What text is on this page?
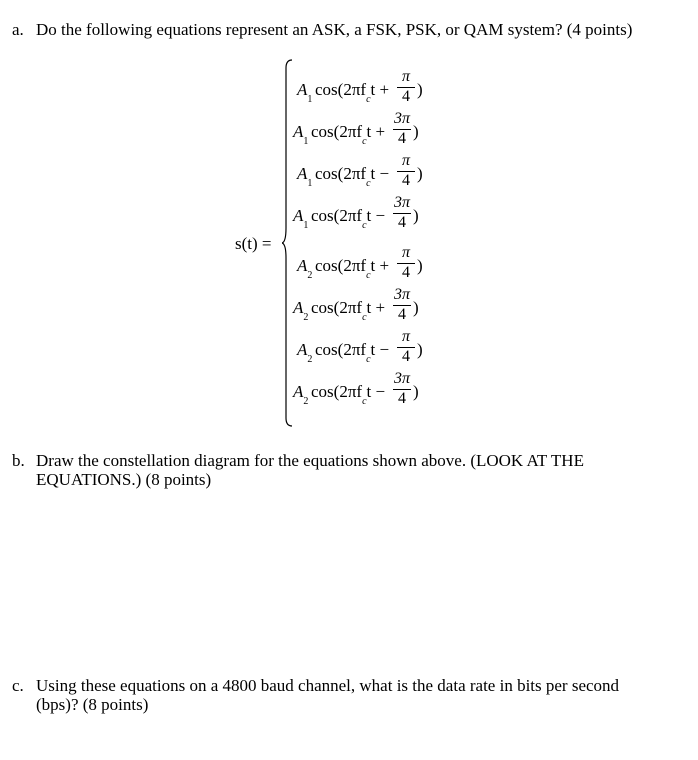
a. Do the following equations represent an ASK, a FSK, PSK, or QAM system? (4 points)
s(t) =
$A_1$
$\cos(2\pi f_ct$ +
π
4 )
$A_1$
$\cos(2\pi f_ct$ +
3π
4 )
$A_1$
$\cos(2\pi f_ct$ −
π
4 )
$A_1$
$\cos(2\pi f_ct$ −
3π
4 )
$A_2$
$\cos(2\pi f_ct$ +
π
4 )
$A_2$
$\cos(2\pi f_ct$ +
3π
4 )
$A_2$
$\cos(2\pi f_ct$ −
π
4 )
$A_2$
$\cos(2\pi f_ct$ −
3π
4 )
b. Draw the constellation diagram for the equations shown above. (LOOK AT THE
EQUATIONS.) (8 points)
c. Using these equations on a 4800 baud channel, what is the data rate in bits per second
(bps)? (8 points)
